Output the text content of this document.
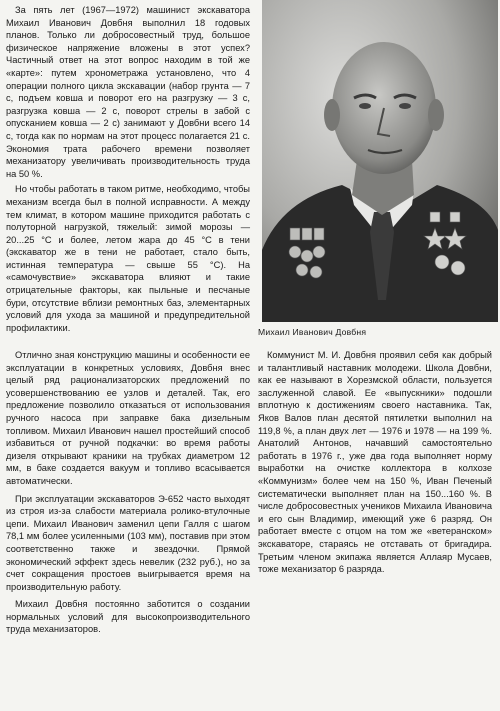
За пять лет (1967—1972) машинист экскаватора Михаил Иванович Довбня выполнил 18 годовых планов. Только ли добросовестный труд, большое физическое напряжение вложены в этот успех? Частичный ответ на этот вопрос находим в той же «карте»: путем хронометража установлено, что 4 операции полного цикла экскавации (набор грунта — 7 с, подъем ковша и поворот его на разгрузку — 3 с, разгрузка ковша — 2 с, поворот стрелы в забой с опусканием ковша — 2 с) занимают у Довбни всего 14 с, тогда как по нормам на этот процесс полагается 21 с. Экономия трата рабочего времени позволяет механизатору увеличивать производительность труда на 50 %.

Но чтобы работать в таком ритме, необходимо, чтобы механизм всегда был в полной исправности. А между тем климат, в котором машине приходится работать с полуторной нагрузкой, тяжелый: зимой морозы — 20...25 °С и более, летом жара до 45 °С в тени (экскаватор же в тени не работает, стало быть, истинная температура — свыше 55 °С). На «самочувствие» экскаватора влияют и такие отрицательные факторы, как пыльные и песчаные бури, отсутствие вблизи ремонтных баз, элементарных условий для ухода за машиной и предупредительной профилактики.	Михаил Иванович Довбня

Отлично зная конструкцию машины и особенности ее эксплуатации в конкретных условиях, Довбня внес целый ряд рационализаторских предложений по усовершенствованию ее узлов и деталей. Так, его предложение позволило отказаться от использования ручного насоса при заправке бака дизельным топливом. Михаил Иванович нашел простейший способ избавиться от ручной подкачки: во время работы дизеля открывают краники на трубках диаметром 12 мм, в баке создается вакуум и топливо всасывается автоматически.

При эксплуатации экскаваторов Э-652 часто выходят из строя из-за слабости материала ролико-втулочные цепи. Михаил Иванович заменил цепи Галля с шагом 78,1 мм более усиленными (103 мм), поставив при этом соответственно также и звездочки. Прямой экономический эффект здесь невелик (232 руб.), но за счет сокращения простоев выигрывается время на производительную работу.

Михаил Довбня постоянно заботится о создании нормальных условий для высокопроизводительного труда механизаторов.

Коммунист М. И. Довбня проявил себя как добрый и талантливый наставник молодежи. Школа Довбни, как ее называют в Хорезмской области, пользуется заслуженной славой. Ее «выпускники» подошли вплотную к достижениям своего наставника. Так, Яков Валов план десятой пятилетки выполнил на 119,8 %, а план двух лет — 1976 и 1978 — на 199 %. Анатолий Антонов, начавший самостоятельно работать в 1976 г., уже два года выполняет норму выработки на очистке коллектора в колхозе «Коммунизм» более чем на 150 %, Иван Печеный систематически выполняет план на 150...160 %. В числе добросовестных учеников Михаила Ивановича и его сын Владимир, имеющий уже 6 разряд. Он работает вместе с отцом на том же «ветеранском» экскаваторе, стараясь не отставать от бригадира. Третьим членом экипажа является Аллаяр Мусаев, тоже механизатор 6 разряда.
